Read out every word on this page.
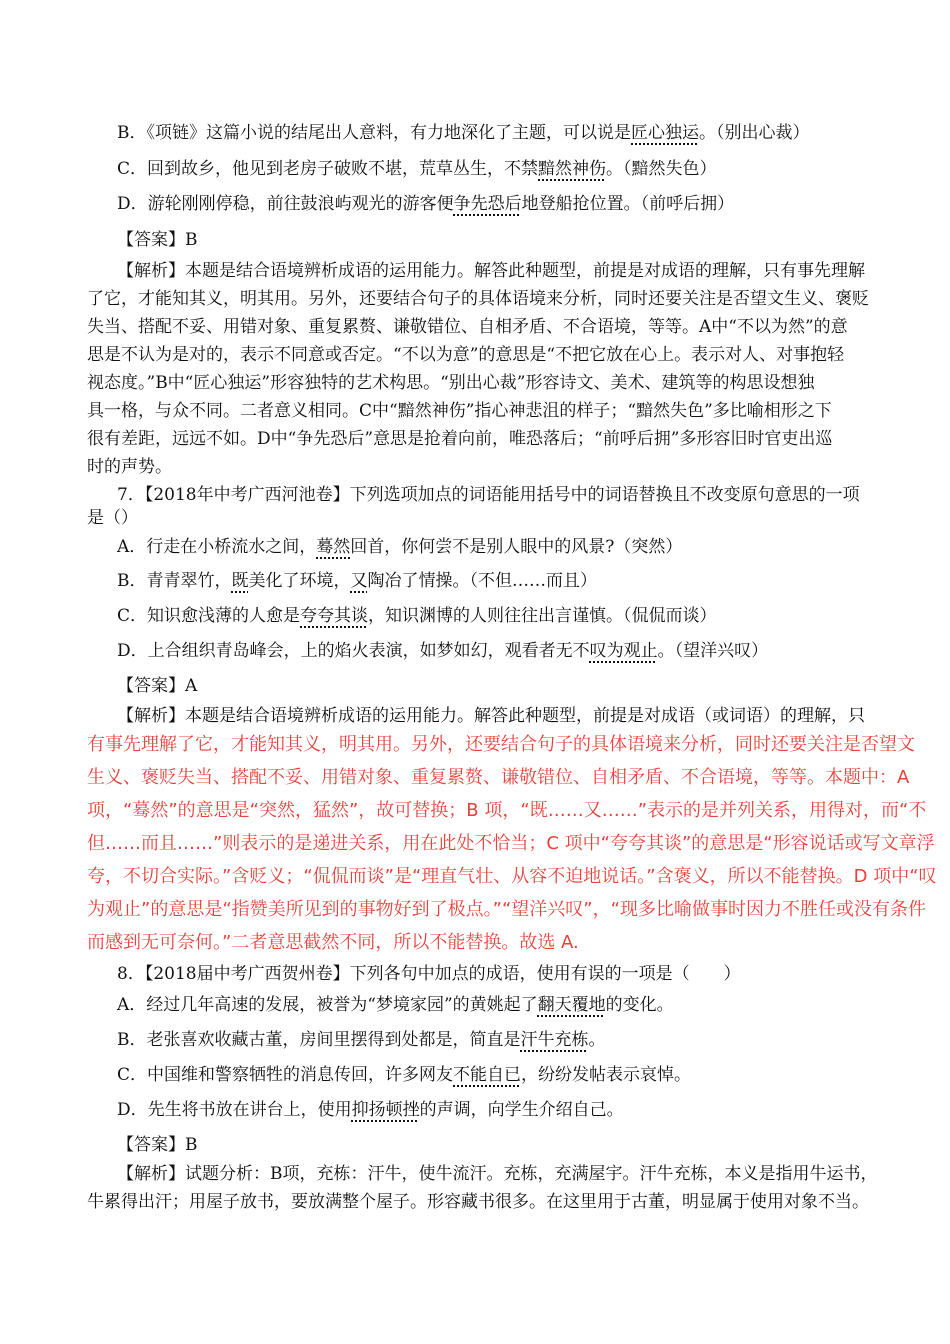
B．《项链》这篇小说的结尾出人意料，有力地深化了主题，可以说是匠心独运。（别出心裁）
C．回到故乡，他见到老房子破败不堪，荒草丛生，不禁黯然神伤。（黯然失色）
D．游轮刚刚停稳，前往鼓浪屿观光的游客便争先恐后地登船抢位置。（前呼后拥）
【答案】B
【解析】本题是结合语境辨析成语的运用能力。解答此种题型，前提是对成语的理解，只有事先理解
了它，才能知其义，明其用。另外，还要结合句子的具体语境来分析，同时还要关注是否望文生义、褒贬
失当、搭配不妥、用错对象、重复累赘、谦敬错位、自相矛盾、不合语境，等等。A中“不以为然”的意
思是不认为是对的，表示不同意或否定。“不以为意”的意思是“不把它放在心上。表示对人、对事抱轻
视态度。”B中“匠心独运”形容独特的艺术构思。“别出心裁”形容诗文、美术、建筑等的构思设想独
具一格，与众不同。二者意义相同。C中“黯然神伤”指心神悲沮的样子；“黯然失色”多比喻相形之下
很有差距，远远不如。D中“争先恐后”意思是抢着向前，唯恐落后；“前呼后拥”多形容旧时官吏出巡
时的声势。
7．【2018年中考广西河池卷】下列选项加点的词语能用括号中的词语替换且不改变原句意思的一项
是（）
A．行走在小桥流水之间，蓦然回首，你何尝不是别人眼中的风景?（突然）
B．青青翠竹，既美化了环境，又陶冶了情操。（不但……而且）
C．知识愈浅薄的人愈是夸夸其谈，知识渊博的人则往往出言谨慎。（侃侃而谈）
D．上合组织青岛峰会，上的焰火表演，如梦如幻，观看者无不叹为观止。（望洋兴叹）
【答案】A
【解析】本题是结合语境辨析成语的运用能力。解答此种题型，前提是对成语（或词语）的理解，只
有事先理解了它，才能知其义，明其用。另外，还要结合句子的具体语境来分析，同时还要关注是否望文
生义、褒贬失当、搭配不妥、用错对象、重复累赘、谦敬错位、自相矛盾、不合语境，等等。本题中：A
项，“蓦然”的意思是“突然，猛然”，故可替换；B 项，“既……又……”表示的是并列关系，用得对，而“不
但……而且……”则表示的是递进关系，用在此处不恰当；C 项中“夸夸其谈”的意思是“形容说话或写文章浮
夸，不切合实际。”含贬义；“侃侃而谈”是“理直气壮、从容不迫地说话。”含褒义，所以不能替换。D 项中“叹
为观止”的意思是“指赞美所见到的事物好到了极点。”“望洋兴叹”，“现多比喻做事时因力不胜任或没有条件
而感到无可奈何。”二者意思截然不同，所以不能替换。故选 A.
8．【2018届中考广西贺州卷】下列各句中加点的成语，使用有误的一项是（　　）
A．经过几年高速的发展，被誉为“梦境家园”的黄姚起了翻天覆地的变化。
B．老张喜欢收藏古董，房间里摆得到处都是，简直是汗牛充栋。
C．中国维和警察牺牲的消息传回，许多网友不能自已，纷纷发帖表示哀悼。
D．先生将书放在讲台上，使用抑扬顿挫的声调，向学生介绍自己。
【答案】B
【解析】试题分析：B项，充栋：汗牛，使牛流汗。充栋，充满屋宇。汗牛充栋，本义是指用牛运书，
牛累得出汗；用屋子放书，要放满整个屋子。形容藏书很多。在这里用于古董，明显属于使用对象不当。
